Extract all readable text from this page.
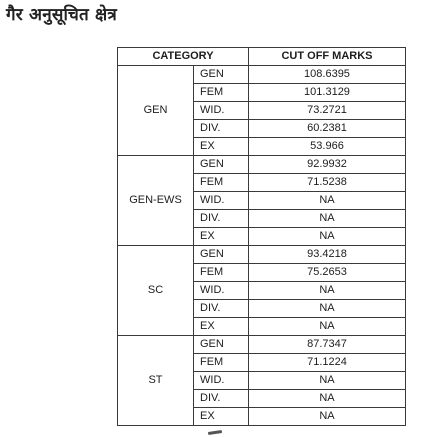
गैर अनुसूचित क्षेत्र
CATEGORY		CUT OFF MARKS
GEN	GEN	108.6395
	FEM	101.3129
	WID.	73.2721
	DIV.	60.2381
	EX	53.966
GEN-EWS	GEN	92.9932
	FEM	71.5238
	WID.	NA
	DIV.	NA
	EX	NA
SC	GEN	93.4218
	FEM	75.2653
	WID.	NA
	DIV.	NA
	EX	NA
ST	GEN	87.7347
	FEM	71.1224
	WID.	NA
	DIV.	NA
	EX	NA
